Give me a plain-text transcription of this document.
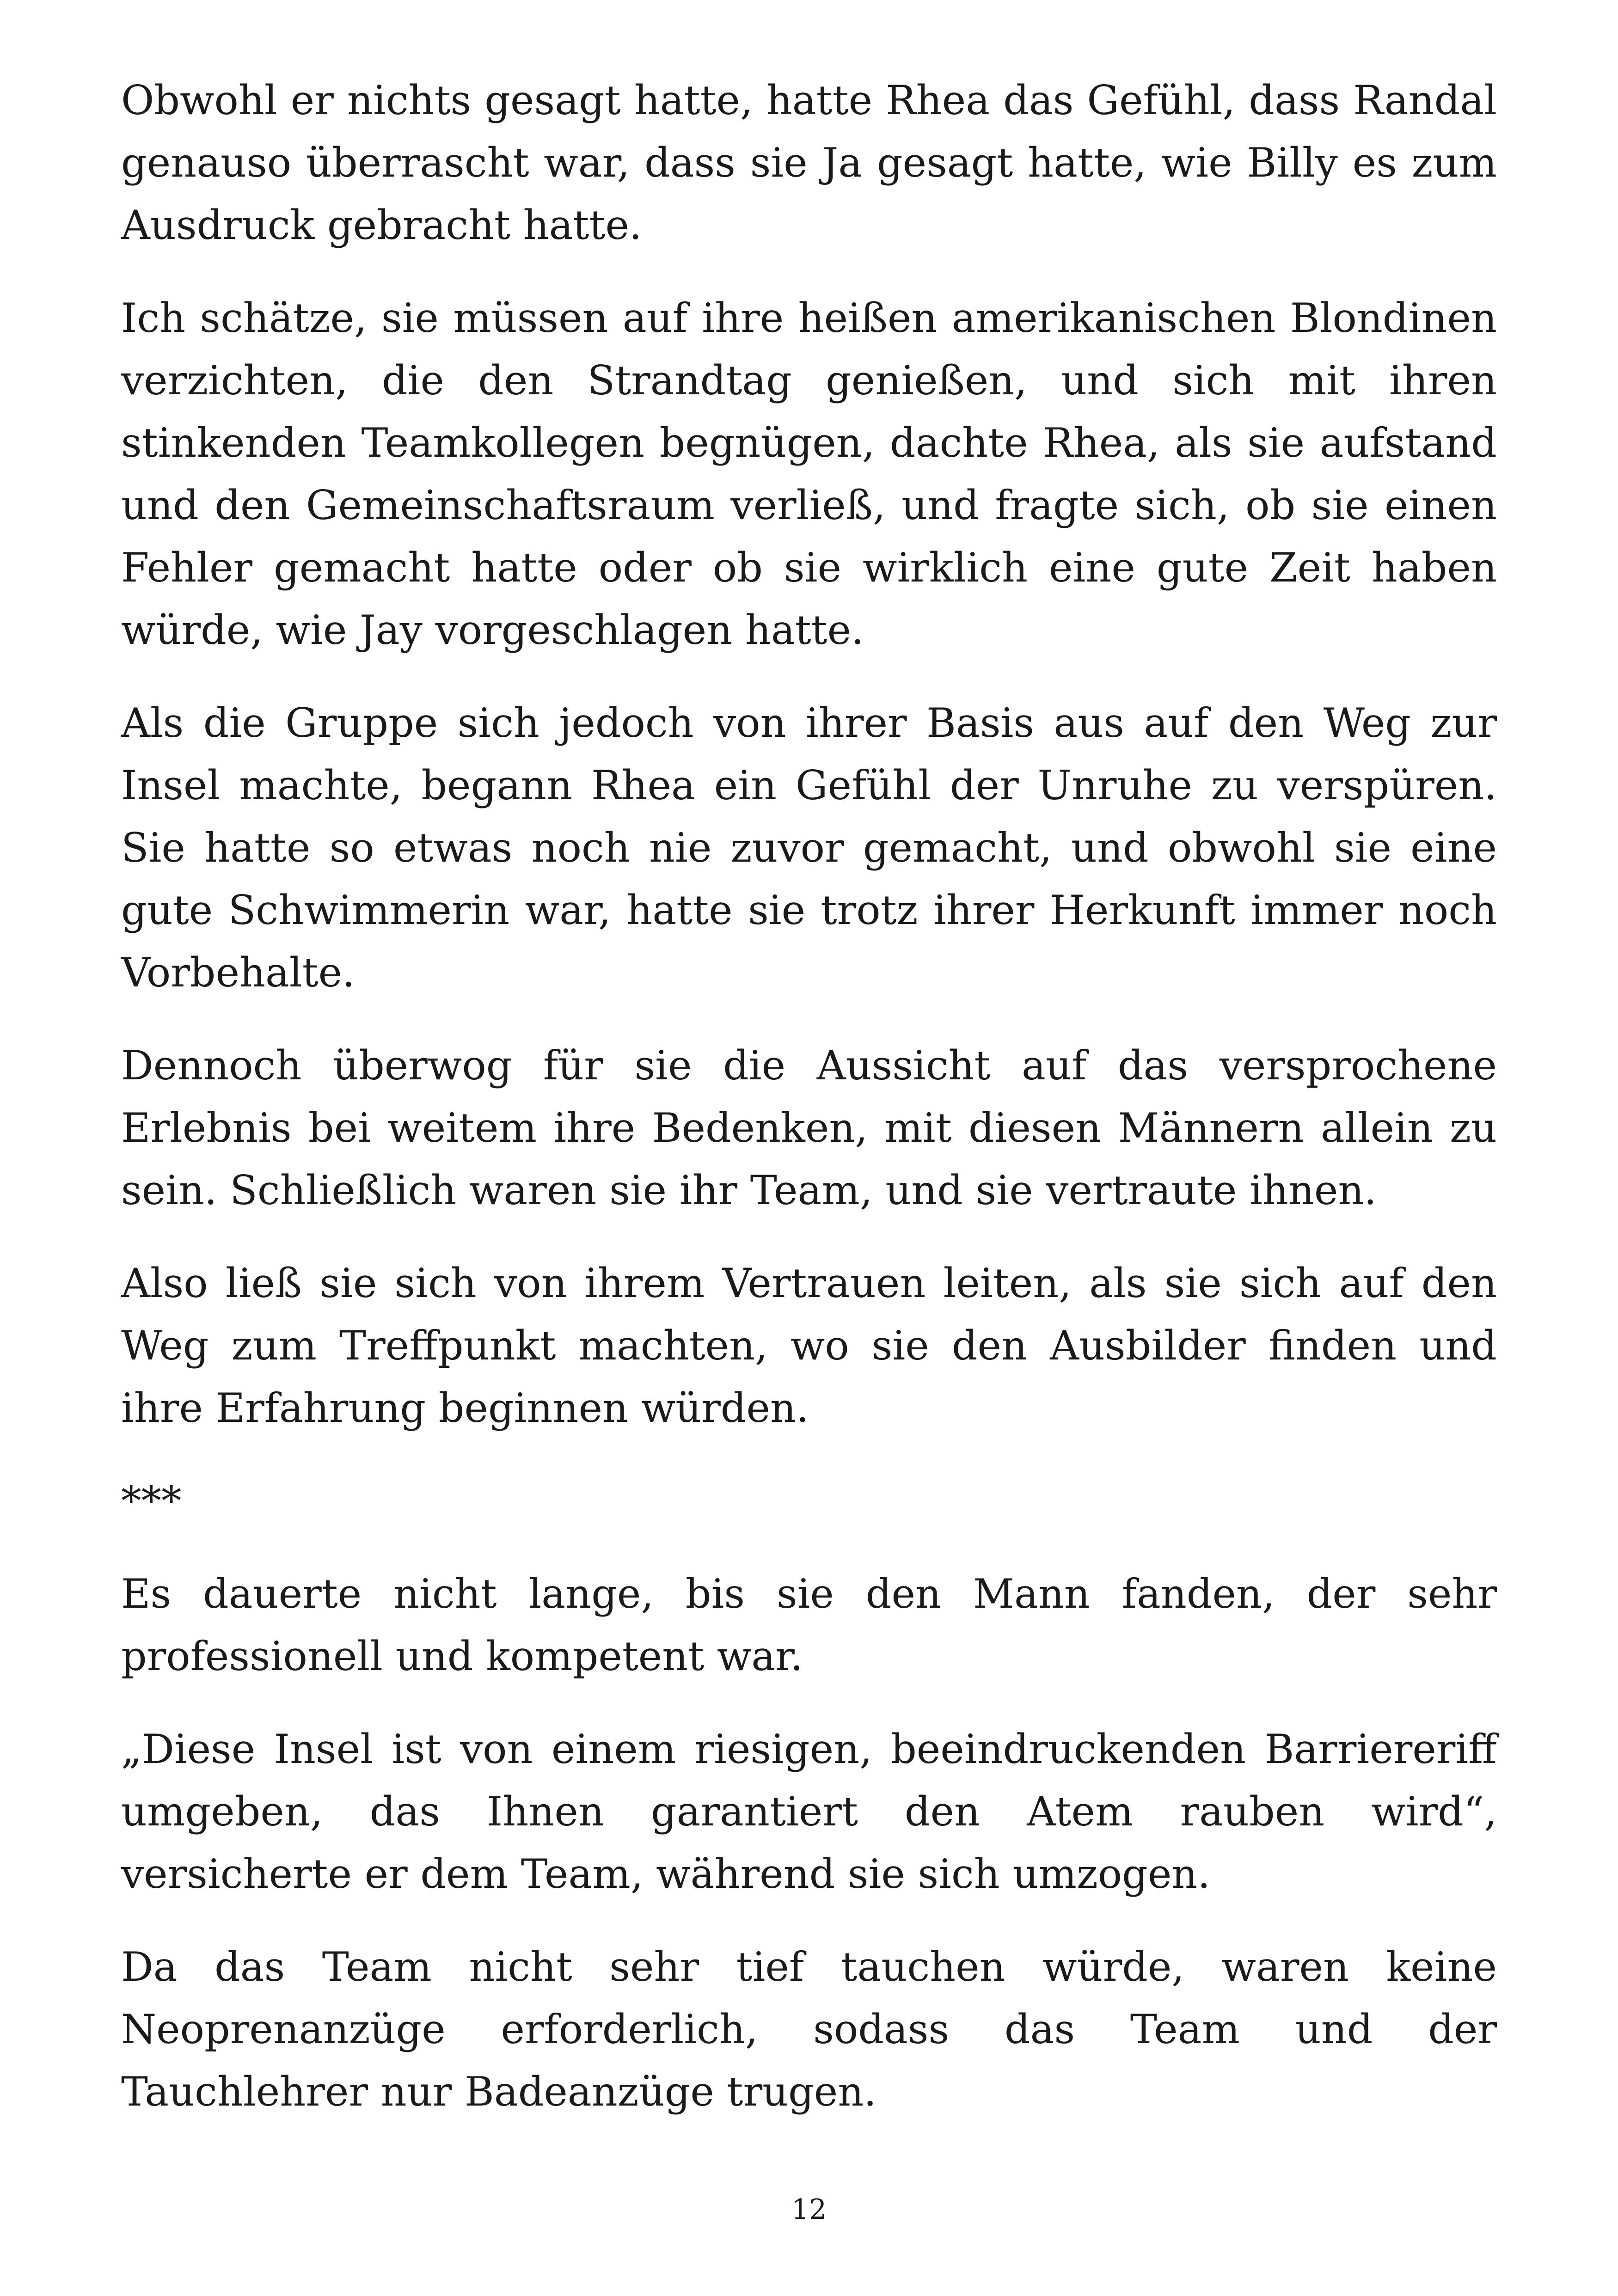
Obwohl er nichts gesagt hatte, hatte Rhea das Gefühl, dass Randal genauso überrascht war, dass sie Ja gesagt hatte, wie Billy es zum Ausdruck gebracht hatte.

Ich schätze, sie müssen auf ihre heißen amerikanischen Blondinen verzichten, die den Strandtag genießen, und sich mit ihren stinkenden Teamkollegen begnügen, dachte Rhea, als sie aufstand und den Gemeinschaftsraum verließ, und fragte sich, ob sie einen Fehler gemacht hatte oder ob sie wirklich eine gute Zeit haben würde, wie Jay vorgeschlagen hatte.

Als die Gruppe sich jedoch von ihrer Basis aus auf den Weg zur Insel machte, begann Rhea ein Gefühl der Unruhe zu verspüren. Sie hatte so etwas noch nie zuvor gemacht, und obwohl sie eine gute Schwimmerin war, hatte sie trotz ihrer Herkunft immer noch Vorbehalte.

Dennoch überwog für sie die Aussicht auf das versprochene Erlebnis bei weitem ihre Bedenken, mit diesen Männern allein zu sein. Schließlich waren sie ihr Team, und sie vertraute ihnen.

Also ließ sie sich von ihrem Vertrauen leiten, als sie sich auf den Weg zum Treffpunkt machten, wo sie den Ausbilder finden und ihre Erfahrung beginnen würden.

***

Es dauerte nicht lange, bis sie den Mann fanden, der sehr professionell und kompetent war.

„Diese Insel ist von einem riesigen, beeindruckenden Barriereriff umgeben, das Ihnen garantiert den Atem rauben wird“, versicherte er dem Team, während sie sich umzogen.

Da das Team nicht sehr tief tauchen würde, waren keine Neoprenanzüge erforderlich, sodass das Team und der Tauchlehrer nur Badeanzüge trugen.

12
